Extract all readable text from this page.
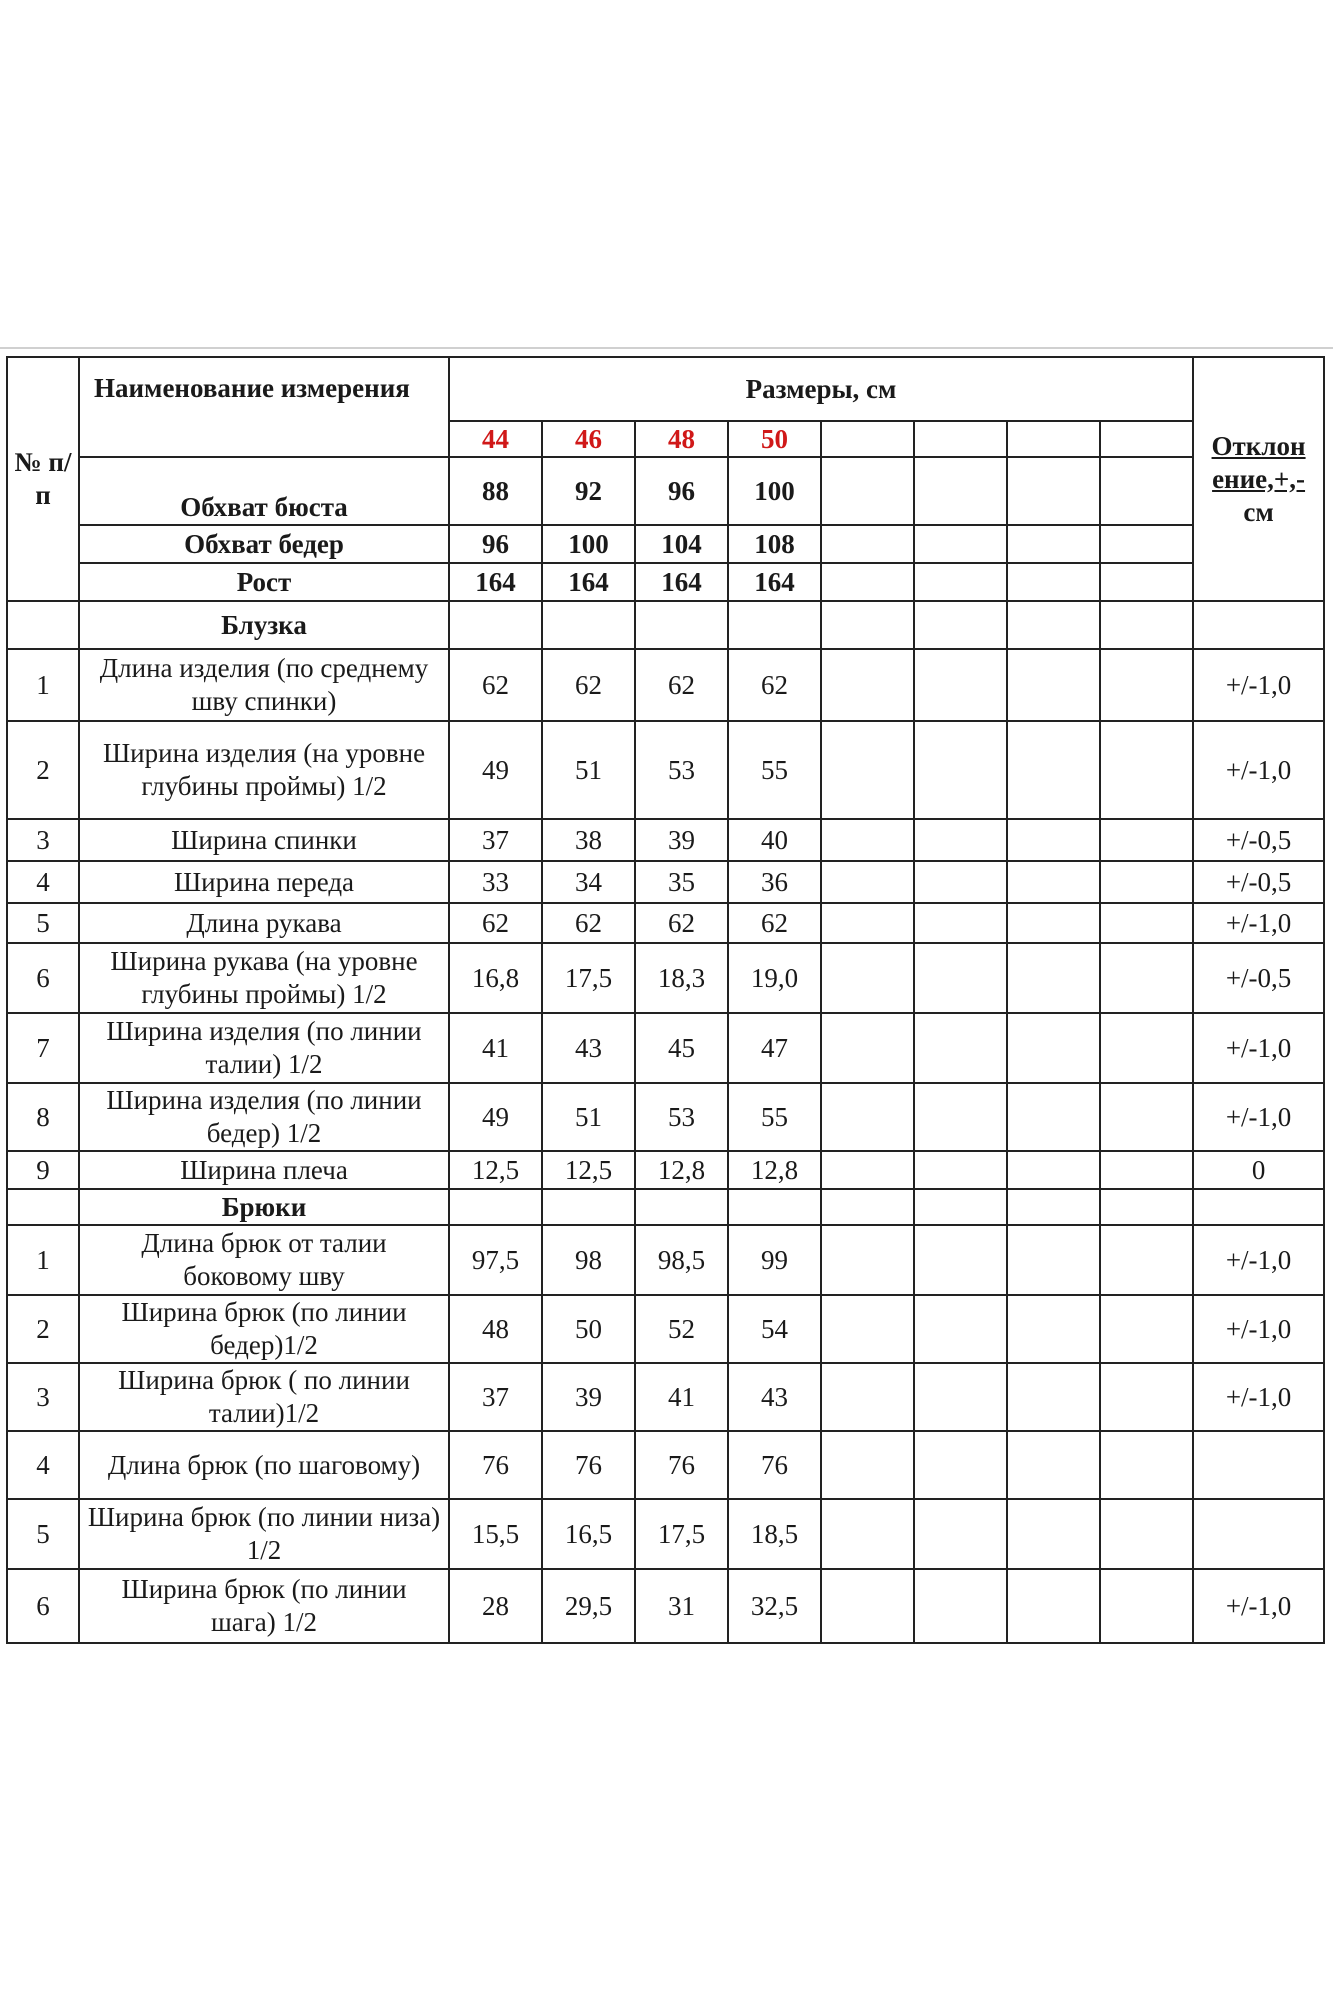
№ п/п	Наименование измерения	Размеры, см								Отклон
ение,+,-
см
		44	46	48	50					
	Обхват бюста	88	92	96	100					
	Обхват бедер	96	100	104	108					
	Рост	164	164	164	164					
	Блузка									
1	Длина изделия (по среднему шву спинки)	62	62	62	62					+/-1,0
2	Ширина изделия (на уровне глубины проймы) 1/2	49	51	53	55					+/-1,0
3	Ширина спинки	37	38	39	40					+/-0,5
4	Ширина переда	33	34	35	36					+/-0,5
5	Длина рукава	62	62	62	62					+/-1,0
6	Ширина рукава (на уровне глубины проймы) 1/2	16,8	17,5	18,3	19,0					+/-0,5
7	Ширина изделия (по линии талии) 1/2	41	43	45	47					+/-1,0
8	Ширина изделия (по линии бедер) 1/2	49	51	53	55					+/-1,0
9	Ширина плеча	12,5	12,5	12,8	12,8					0
	Брюки									
1	Длина брюк от талии боковому шву	97,5	98	98,5	99					+/-1,0
2	Ширина брюк (по линии бедер)1/2	48	50	52	54					+/-1,0
3	Ширина брюк ( по линии талии)1/2	37	39	41	43					+/-1,0
4	Длина брюк (по шаговому)	76	76	76	76					
5	Ширина брюк (по линии низа) 1/2	15,5	16,5	17,5	18,5					
6	Ширина брюк (по линии шага) 1/2	28	29,5	31	32,5					+/-1,0
